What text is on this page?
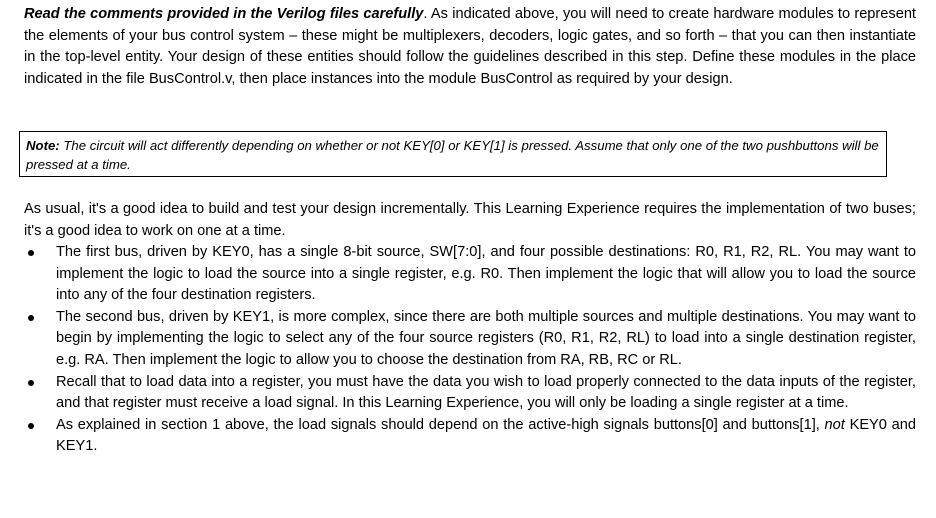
Read the comments provided in the Verilog files carefully. As indicated above, you will need to create hardware modules to represent the elements of your bus control system – these might be multiplexers, decoders, logic gates, and so forth – that you can then instantiate in the top-level entity. Your design of these entities should follow the guidelines described in this step. Define these modules in the place indicated in the file BusControl.v, then place instances into the module BusControl as required by your design.

Note: The circuit will act differently depending on whether or not KEY[0] or KEY[1] is pressed. Assume that only one of the two pushbuttons will be pressed at a time.

As usual, it's a good idea to build and test your design incrementally. This Learning Experience requires the implementation of two buses; it's a good idea to work on one at a time.

The first bus, driven by KEY0, has a single 8-bit source, SW[7:0], and four possible destinations: R0, R1, R2, RL. You may want to implement the logic to load the source into a single register, e.g. R0. Then implement the logic that will allow you to load the source into any of the four destination registers.
The second bus, driven by KEY1, is more complex, since there are both multiple sources and multiple destinations. You may want to begin by implementing the logic to select any of the four source registers (R0, R1, R2, RL) to load into a single destination register, e.g. RA. Then implement the logic to allow you to choose the destination from RA, RB, RC or RL.
Recall that to load data into a register, you must have the data you wish to load properly connected to the data inputs of the register, and that register must receive a load signal. In this Learning Experience, you will only be loading a single register at a time.
As explained in section 1 above, the load signals should depend on the active-high signals buttons[0] and buttons[1], not KEY0 and KEY1.
